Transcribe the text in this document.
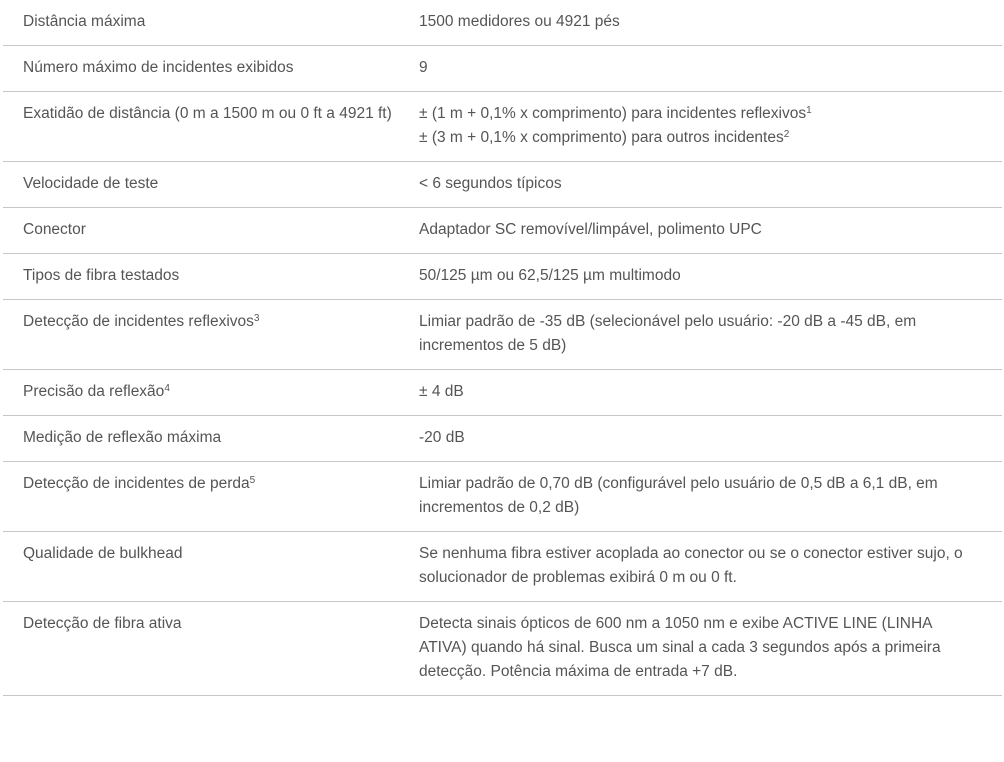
Distância máxima	1500 medidores ou 4921 pés
Número máximo de incidentes exibidos	9
Exatidão de distância (0 m a 1500 m ou 0 ft a 4921 ft)	± (1 m + 0,1% x comprimento) para incidentes reflexivos$^1$
± (3 m + 0,1% x comprimento) para outros incidentes$^2$

Velocidade de teste	< 6 segundos típicos
Conector	Adaptador SC removível/limpável, polimento UPC
Tipos de fibra testados	50/125 µm ou 62,5/125 µm multimodo
Detecção de incidentes reflexivos$^3$	Limiar padrão de -35 dB (selecionável pelo usuário: -20 dB a -45 dB, em incrementos de 5 dB)
Precisão da reflexão$^4$	± 4 dB
Medição de reflexão máxima	-20 dB
Detecção de incidentes de perda$^5$	Limiar padrão de 0,70 dB (configurável pelo usuário de 0,5 dB a 6,1 dB, em incrementos de 0,2 dB)
Qualidade de bulkhead	Se nenhuma fibra estiver acoplada ao conector ou se o conector estiver sujo, o solucionador de problemas exibirá 0 m ou 0 ft.
Detecção de fibra ativa	Detecta sinais ópticos de 600 nm a 1050 nm e exibe ACTIVE LINE (LINHA ATIVA) quando há sinal. Busca um sinal a cada 3 segundos após a primeira detecção. Potência máxima de entrada +7 dB.
